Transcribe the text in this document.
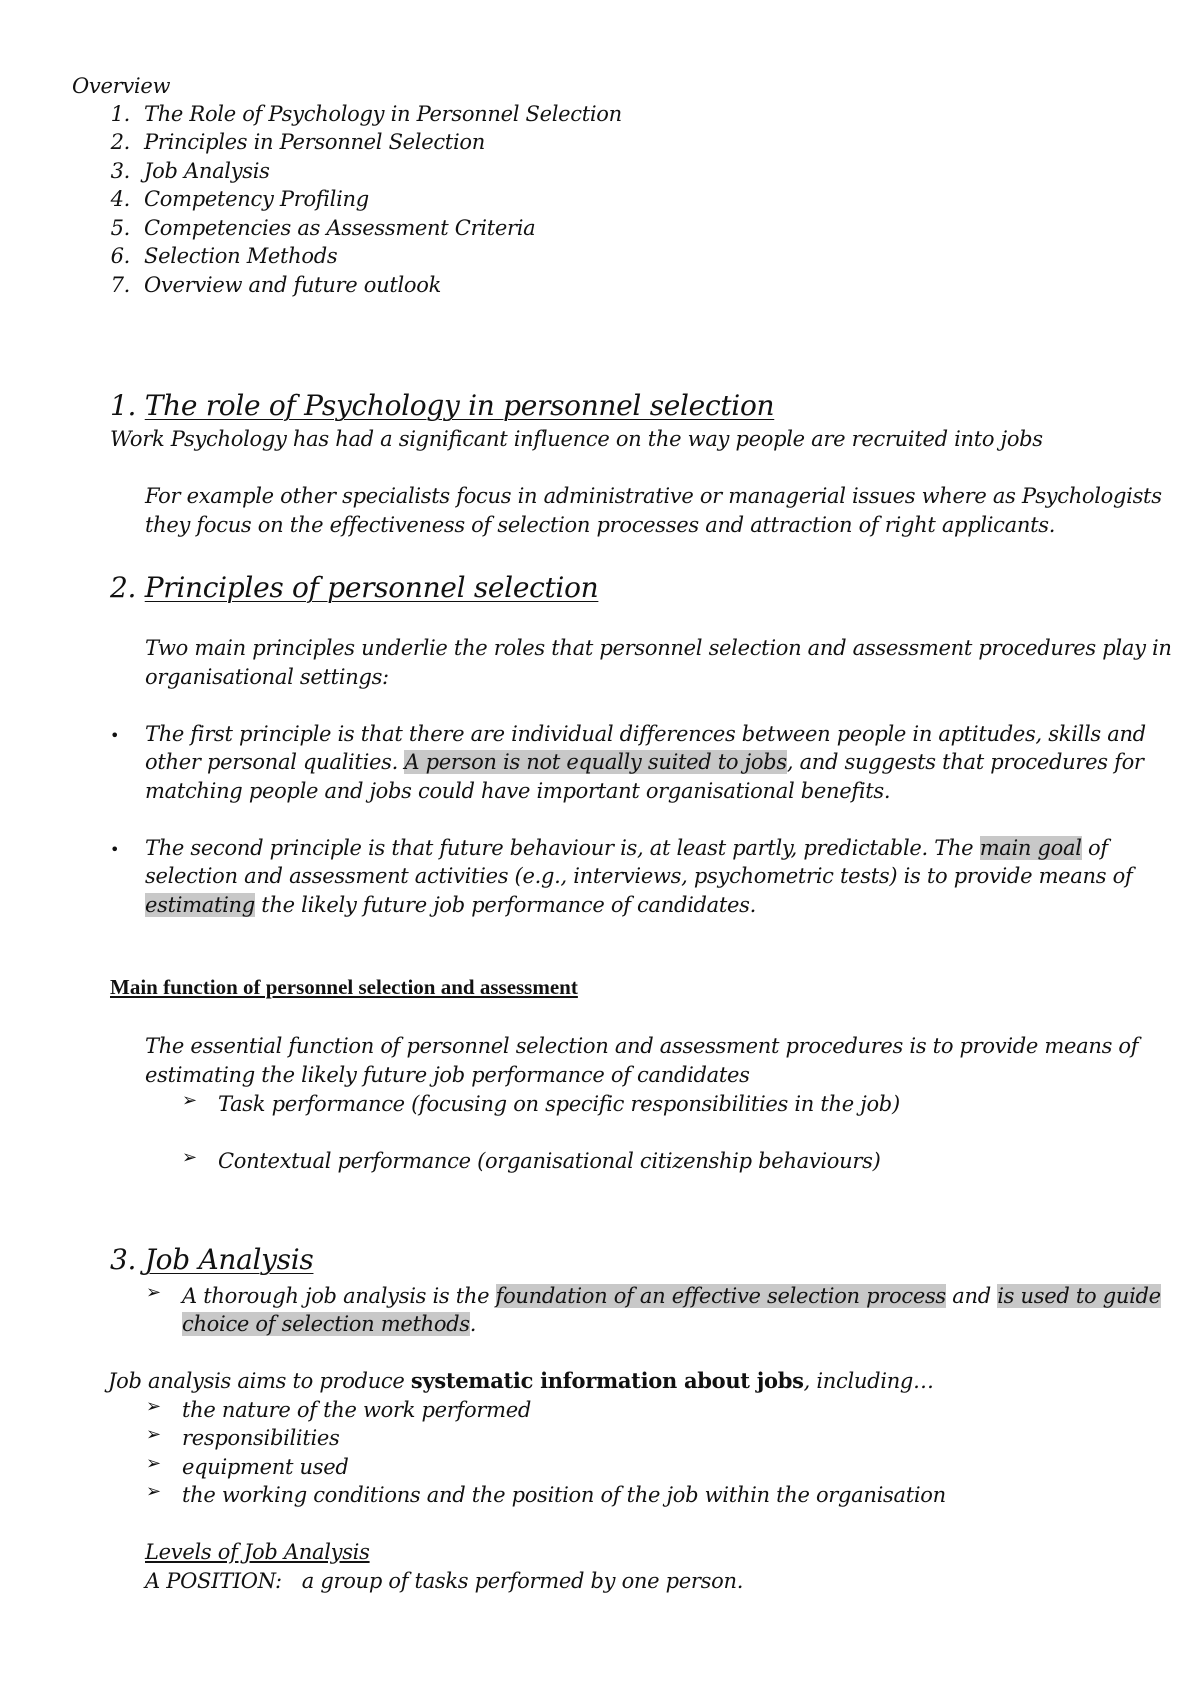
Overview
1. The Role of Psychology in Personnel Selection
2. Principles in Personnel Selection
3. Job Analysis
4. Competency Profiling
5. Competencies as Assessment Criteria
6. Selection Methods
7. Overview and future outlook
1. The role of Psychology in personnel selection
Work Psychology has had a significant influence on the way people are recruited into jobs
For example other specialists focus in administrative or managerial issues where as Psychologists
they focus on the effectiveness of selection processes and attraction of right applicants.
2. Principles of personnel selection
Two main principles underlie the roles that personnel selection and assessment procedures play in
organisational settings:
• The first principle is that there are individual differences between people in aptitudes, skills and
other personal qualities. A person is not equally suited to jobs, and suggests that procedures for
matching people and jobs could have important organisational benefits.
• The second principle is that future behaviour is, at least partly, predictable. The main goal of
selection and assessment activities (e.g., interviews, psychometric tests) is to provide means of
estimating the likely future job performance of candidates.
Main function of personnel selection and assessment
The essential function of personnel selection and assessment procedures is to provide means of
estimating the likely future job performance of candidates
➢ Task performance (focusing on specific responsibilities in the job)
➢ Contextual performance (organisational citizenship behaviours)
3. Job Analysis
➢ A thorough job analysis is the foundation of an effective selection process and is used to guide
choice of selection methods.
Job analysis aims to produce systematic information about jobs, including…
➢ the nature of the work performed
➢ responsibilities
➢ equipment used
➢ the working conditions and the position of the job within the organisation
Levels of Job Analysis
A POSITION: a group of tasks performed by one person.
